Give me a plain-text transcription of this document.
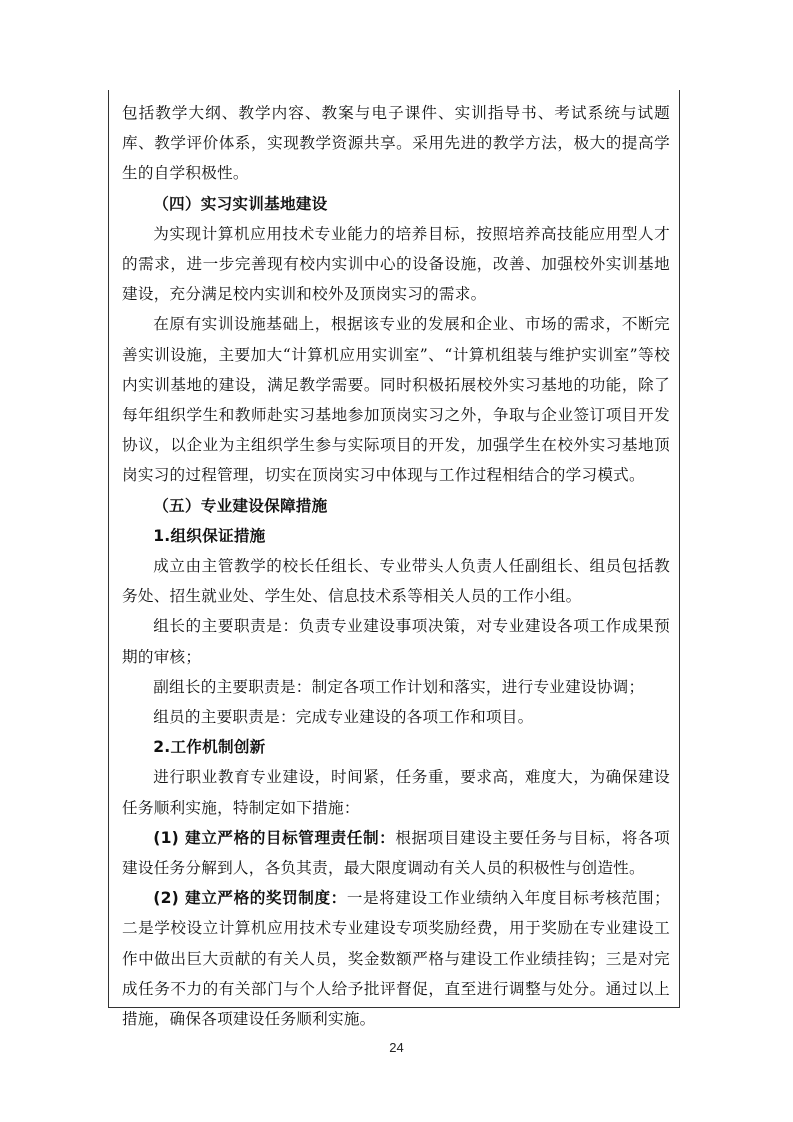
包括教学大纲、教学内容、教案与电子课件、实训指导书、考试系统与试题库、教学评价体系，实现教学资源共享。采用先进的教学方法，极大的提高学生的自学积极性。

（四）实习实训基地建设

为实现计算机应用技术专业能力的培养目标，按照培养高技能应用型人才的需求，进一步完善现有校内实训中心的设备设施，改善、加强校外实训基地建设，充分满足校内实训和校外及顶岗实习的需求。

在原有实训设施基础上，根据该专业的发展和企业、市场的需求，不断完善实训设施，主要加大“计算机应用实训室”、“计算机组装与维护实训室”等校内实训基地的建设，满足教学需要。同时积极拓展校外实习基地的功能，除了每年组织学生和教师赴实习基地参加顶岗实习之外，争取与企业签订项目开发协议，以企业为主组织学生参与实际项目的开发，加强学生在校外实习基地顶岗实习的过程管理，切实在顶岗实习中体现与工作过程相结合的学习模式。

（五）专业建设保障措施

1.组织保证措施

成立由主管教学的校长任组长、专业带头人负责人任副组长、组员包括教务处、招生就业处、学生处、信息技术系等相关人员的工作小组。

组长的主要职责是：负责专业建设事项决策，对专业建设各项工作成果预期的审核；

副组长的主要职责是：制定各项工作计划和落实，进行专业建设协调；

组员的主要职责是：完成专业建设的各项工作和项目。

2.工作机制创新

进行职业教育专业建设，时间紧，任务重，要求高，难度大，为确保建设任务顺利实施，特制定如下措施：

(1) 建立严格的目标管理责任制：根据项目建设主要任务与目标，将各项建设任务分解到人，各负其责，最大限度调动有关人员的积极性与创造性。

(2) 建立严格的奖罚制度：一是将建设工作业绩纳入年度目标考核范围；二是学校设立计算机应用技术专业建设专项奖励经费，用于奖励在专业建设工作中做出巨大贡献的有关人员，奖金数额严格与建设工作业绩挂钩；三是对完成任务不力的有关部门与个人给予批评督促，直至进行调整与处分。通过以上措施，确保各项建设任务顺利实施。

24
